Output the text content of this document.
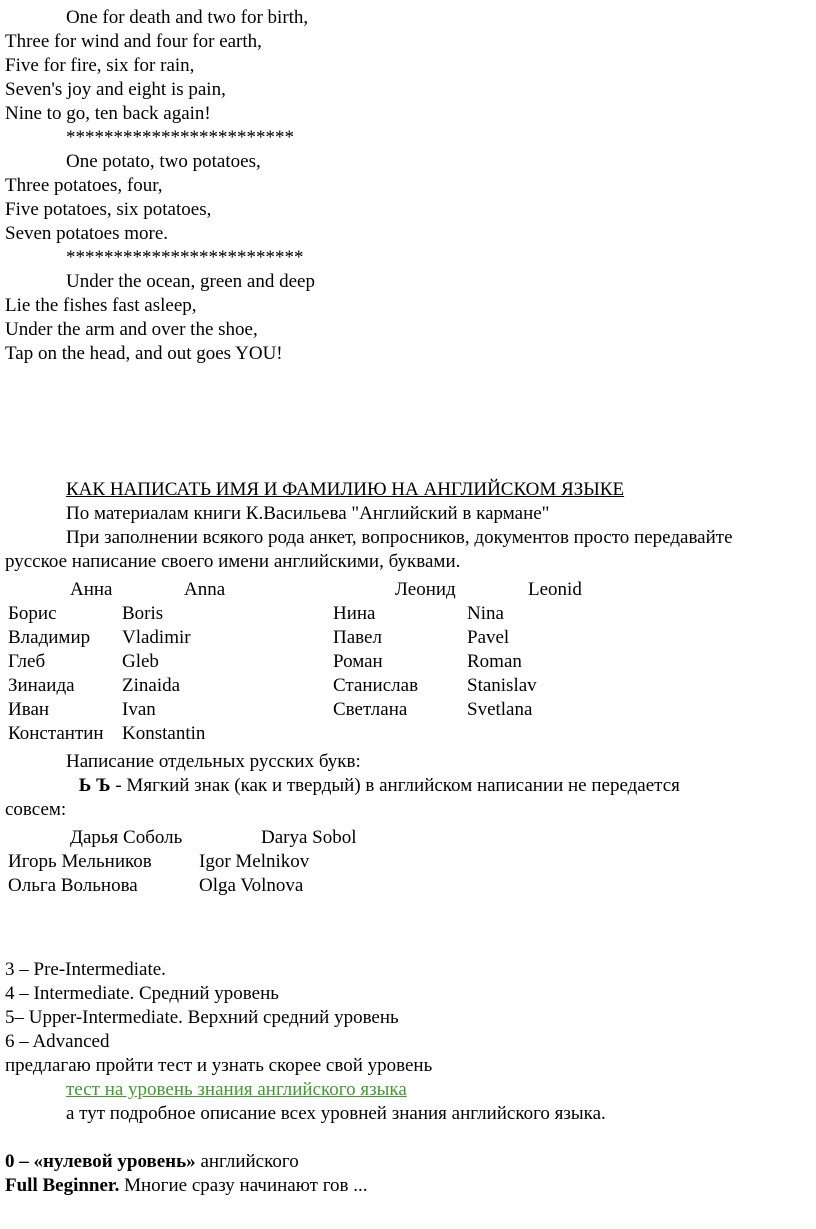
One for death and two for birth,
Three for wind and four for earth,
Five for fire, six for rain,
Seven's joy and eight is pain,
Nine to go, ten back again!
************************
One potato, two potatoes,
Three potatoes, four,
Five potatoes, six potatoes,
Seven potatoes more.
*************************
Under the ocean, green and deep
Lie the fishes fast asleep,
Under the arm and over the shoe,
Tap on the head, and out goes YOU!
КАК НАПИСАТЬ ИМЯ И ФАМИЛИЮ НА АНГЛИЙСКОМ ЯЗЫКЕ
По материалам книги К.Васильева "Английский в кармане"
При заполнении всякого рода анкет, вопросников, документов просто передавайте
русское написание своего имени английскими, буквами.
Анна	Anna	Леонид	Leonid
Борис	Boris	Нина	Nina
Владимир Vladimir	Павел	Pavel
Глеб	Gleb	Роман	Roman
Зинаида Zinaida	Станислав	Stanislav
Иван	Ivan	Светлана	Svetlana
Константин Konstantin
Написание отдельных русских букв:
Ь Ъ - Мягкий знак (как и твердый) в английском написании не передается
совсем:
Дарья Соболь	Darya Sobol
Игорь Мельников Igor Melnikov
Ольга Вольнова	Olga Volnova
3 – Pre-Intermediate.
4 – Intermediate. Средний уровень
5– Upper-Intermediate. Верхний средний уровень
6 – Advanced
предлагаю пройти тест и узнать скорее свой уровень
тест на уровень знания английского языка
а тут подробное описание всех уровней знания английского языка.
0 – «нулевой уровень» английского
Full Beginner. Многие сразу начинают гов ...
